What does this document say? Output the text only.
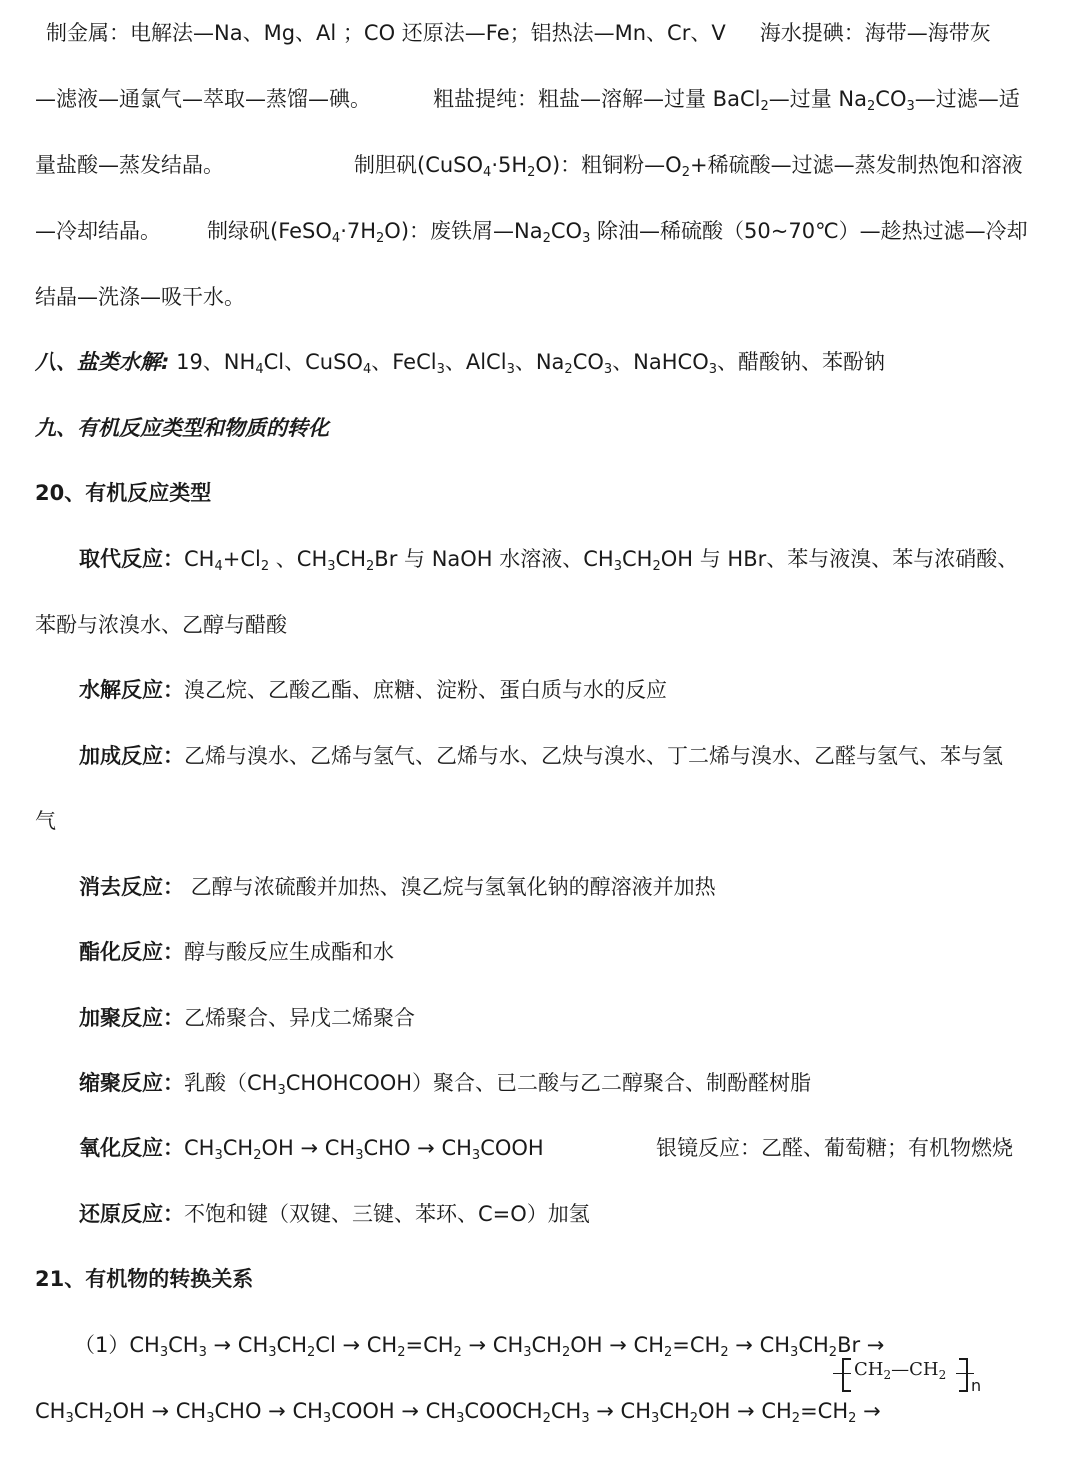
制金属：电解法—Na、Mg、Al ；CO 还原法—Fe；铝热法—Mn、Cr、V 海水提碘：海带—海带灰
—滤液—通氯气—萃取—蒸馏—碘。	粗盐提纯：粗盐—溶解—过量 BaCl$_2$—过量 $Na_2CO_3—$过滤—适
量盐酸—蒸发结晶。	制胆矾$(CuSO_4\cdot 5H_2O)$：粗铜粉$—O_2+$稀硫酸—过滤—蒸发制热饱和溶液
—冷却结晶。 制绿矾$(FeSO_4\cdot 7H_2O)$：废铁屑$—Na_2CO_3$ 除油—稀硫酸（50~70℃）—趁热过滤—冷却
结晶—洗涤—吸干水。
八、盐类水解: 19、$NH_4Cl$、CuSO$_4$、FeCl$_3$、AlCl$_3$、$Na_2CO_3$、NaHCO$_3$、醋酸钠、苯酚钠
九、有机反应类型和物质的转化
20、有机反应类型
取代反应：$CH_4+Cl_2$ 、$CH_3CH_2Br$ 与 NaOH 水溶液、$CH_3CH_2OH$ 与 HBr、苯与液溴、苯与浓硝酸、
苯酚与浓溴水、乙醇与醋酸
水解反应：溴乙烷、乙酸乙酯、庶糖、淀粉、蛋白质与水的反应
加成反应：乙烯与溴水、乙烯与氢气、乙烯与水、乙炔与溴水、丁二烯与溴水、乙醛与氢气、苯与氢
气
消去反应： 乙醇与浓硫酸并加热、溴乙烷与氢氧化钠的醇溶液并加热
酯化反应：醇与酸反应生成酯和水
加聚反应：乙烯聚合、异戊二烯聚合
缩聚反应：乳酸$(CH_3CHOHCOOH)$聚合、已二酸与乙二醇聚合、制酚醛树脂
氧化反应：$CH_3CH_2OH \to CH_3CHO$ → $CH_3COOH$	银镜反应：乙醛、葡萄糖；有机物燃烧
还原反应：不饱和键（双键、三键、苯环、C=O）加氢
21、有机物的转换关系
$(1)CH_3CH_3 \to CH_3CH_2Cl \to CH_2=CH_2 \to CH_3CH_2OH \to CH_2=CH_2 \to CH_3CH_2Br$ →
$CH_2—CH_2$
n
$CH_3CH_2OH \to CH_3CHO$ → $CH_3COOH$ → $CH_3COOCH_2CH_3 \to CH_3CH_2OH \to CH_2=CH_2$ →
